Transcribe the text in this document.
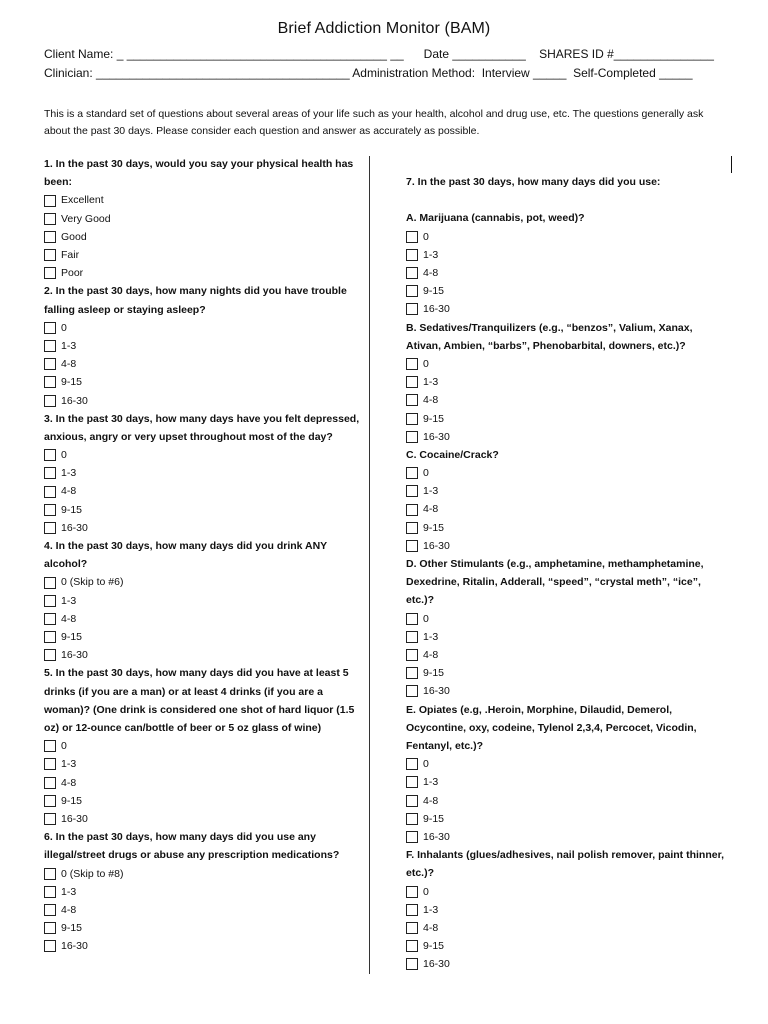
Brief Addiction Monitor (BAM)
Client Name: _ _______________________________________ __      Date ___________    SHARES ID #_______________
Clinician: ______________________________________ Administration Method:  Interview _____  Self-Completed _____
This is a standard set of questions about several areas of your life such as your health, alcohol and drug use, etc. The questions generally ask about the past 30 days. Please consider each question and answer as accurately as possible.
1. In the past 30 days, would you say your physical health has been:
Excellent
Very Good
Good
Fair
Poor
2. In the past 30 days, how many nights did you have trouble falling asleep or staying asleep?
0
1-3
4-8
9-15
16-30
3. In the past 30 days, how many days have you felt depressed, anxious, angry or very upset throughout most of the day?
0
1-3
4-8
9-15
16-30
4. In the past 30 days, how many days did you drink ANY alcohol?
0 (Skip to #6)
1-3
4-8
9-15
16-30
5. In the past 30 days, how many days did you have at least 5 drinks (if you are a man) or at least 4 drinks (if you are a woman)? (One drink is considered one shot of hard liquor (1.5 oz) or 12-ounce can/bottle of beer or 5 oz glass of wine)
0
1-3
4-8
9-15
16-30
6. In the past 30 days, how many days did you use any illegal/street drugs or abuse any prescription medications?
0 (Skip to #8)
1-3
4-8
9-15
16-30
7. In the past 30 days, how many days did you use:
A. Marijuana (cannabis, pot, weed)?
0
1-3
4-8
9-15
16-30
B. Sedatives/Tranquilizers (e.g., “benzos”, Valium, Xanax, Ativan, Ambien, “barbs”, Phenobarbital, downers, etc.)?
0
1-3
4-8
9-15
16-30
C. Cocaine/Crack?
0
1-3
4-8
9-15
16-30
D. Other Stimulants (e.g., amphetamine, methamphetamine, Dexedrine, Ritalin, Adderall, “speed”, “crystal meth”, “ice”, etc.)?
0
1-3
4-8
9-15
16-30
E. Opiates (e.g, .Heroin, Morphine, Dilaudid, Demerol, Ocycontine, oxy, codeine, Tylenol 2,3,4, Percocet, Vicodin, Fentanyl, etc.)?
0
1-3
4-8
9-15
16-30
F. Inhalants (glues/adhesives, nail polish remover, paint thinner, etc.)?
0
1-3
4-8
9-15
16-30
